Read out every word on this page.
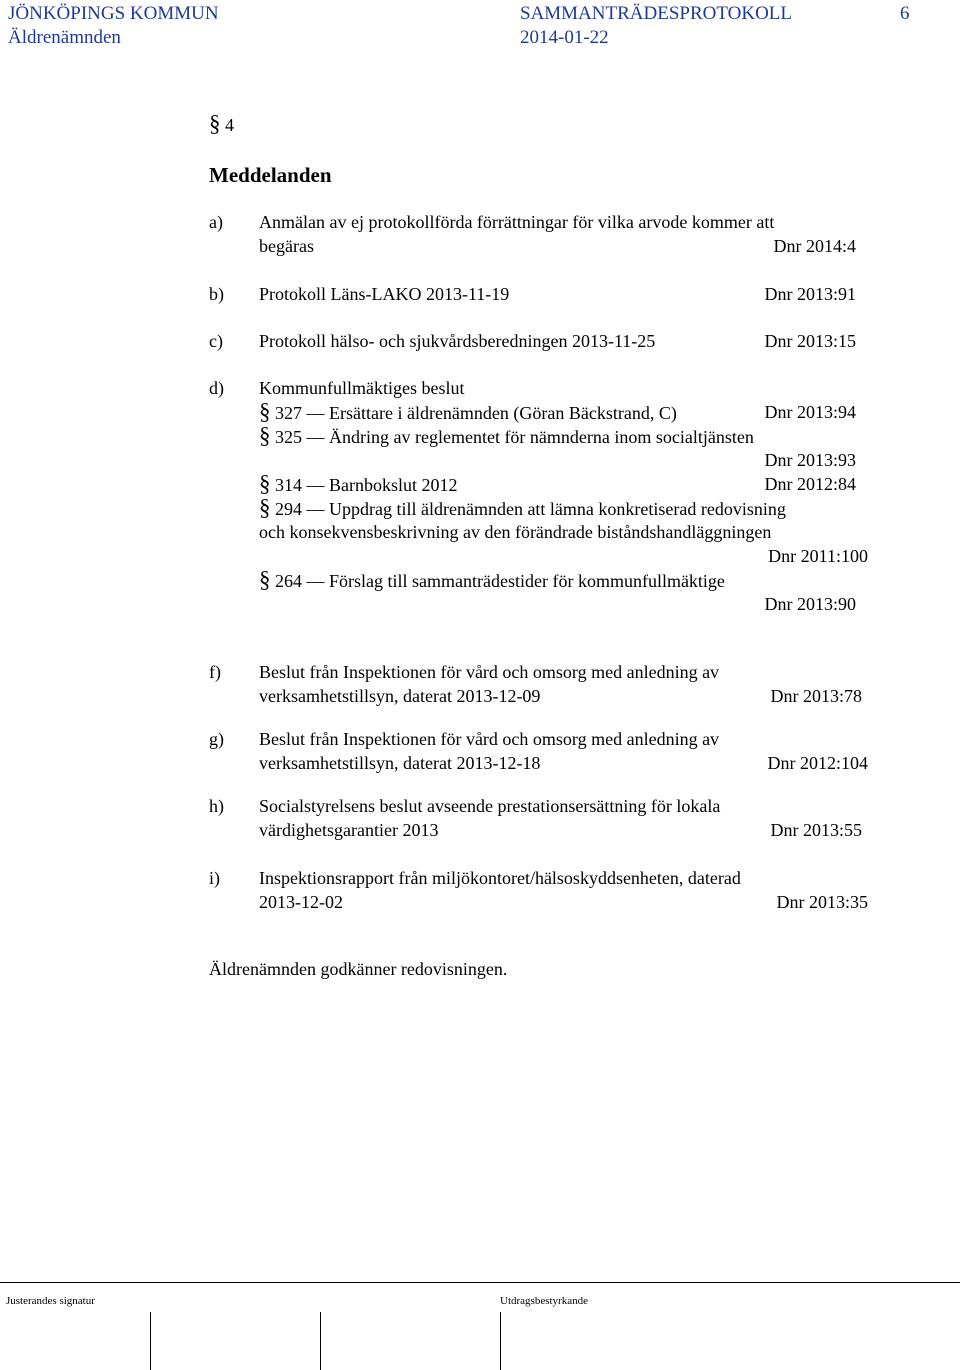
JÖNKÖPINGS KOMMUN	SAMMANTRÄDESPROTOKOLL	6
Äldrenämnden	2014-01-22
§ 4
Meddelanden
a) Anmälan av ej protokollförda förrättningar för vilka arvode kommer att
begäras	Dnr 2014:4
b) Protokoll Läns-LAKO 2013-11-19	Dnr 2013:91
c) Protokoll hälso- och sjukvårdsberedningen 2013-11-25	Dnr 2013:15
d) Kommunfullmäktiges beslut
§ 327 — Ersättare i äldrenämnden (Göran Bäckstrand, C)	Dnr 2013:94
§ 325 — Ändring av reglementet för nämnderna inom socialtjänsten
Dnr 2013:93
§ 314 — Barnbokslut 2012	Dnr 2012:84
§ 294 — Uppdrag till äldrenämnden att lämna konkretiserad redovisning
och konsekvensbeskrivning av den förändrade biståndshandläggningen
Dnr 2011:100
§ 264 — Förslag till sammanträdestider för kommunfullmäktige
Dnr 2013:90
f) Beslut från Inspektionen för vård och omsorg med anledning av
verksamhetstillsyn, daterat 2013-12-09	Dnr 2013:78
g) Beslut från Inspektionen för vård och omsorg med anledning av
verksamhetstillsyn, daterat 2013-12-18	Dnr 2012:104
h) Socialstyrelsens beslut avseende prestationsersättning för lokala
värdighetsgarantier 2013	Dnr 2013:55
i) Inspektionsrapport från miljökontoret/hälsoskyddsenheten, daterad
2013-12-02	Dnr 2013:35
Äldrenämnden godkänner redovisningen.
Justerandes signatur	Utdragsbestyrkande
